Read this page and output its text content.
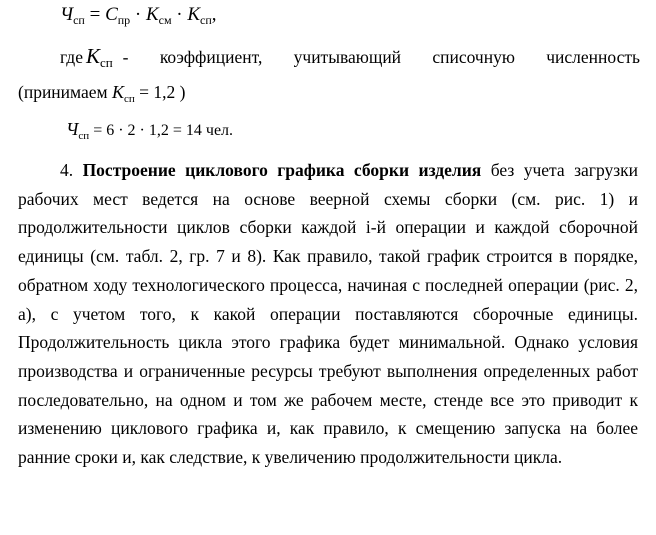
$Ч_{сп} = С_{пр} \cdot К_{см} \cdot К_{сп}$,
где $К_{сп}$ - коэффициент, учитывающий списочную численность
(принимаем $К_{сп} = 1,2$ )
$Ч_{сп} = 6 \cdot 2 \cdot 1,2 = 14$ чел.
4. Построение циклового графика сборки изделия без учета загрузки рабочих мест ведется на основе веерной схемы сборки (см. рис. 1) и продолжительности циклов сборки каждой i-й операции и каждой сборочной единицы (см. табл. 2, гр. 7 и 8). Как правило, такой график строится в порядке, обратном ходу технологического процесса, начиная с последней операции (рис. 2, а), с учетом того, к какой операции поставляются сборочные единицы. Продолжительность цикла этого графика будет минимальной. Однако условия производства и ограниченные ресурсы требуют выполнения определенных работ последовательно, на одном и том же рабочем месте, стенде все это приводит к изменению циклового графика и, как правило, к смещению запуска на более ранние сроки и, как следствие, к увеличению продолжительности цикла.
